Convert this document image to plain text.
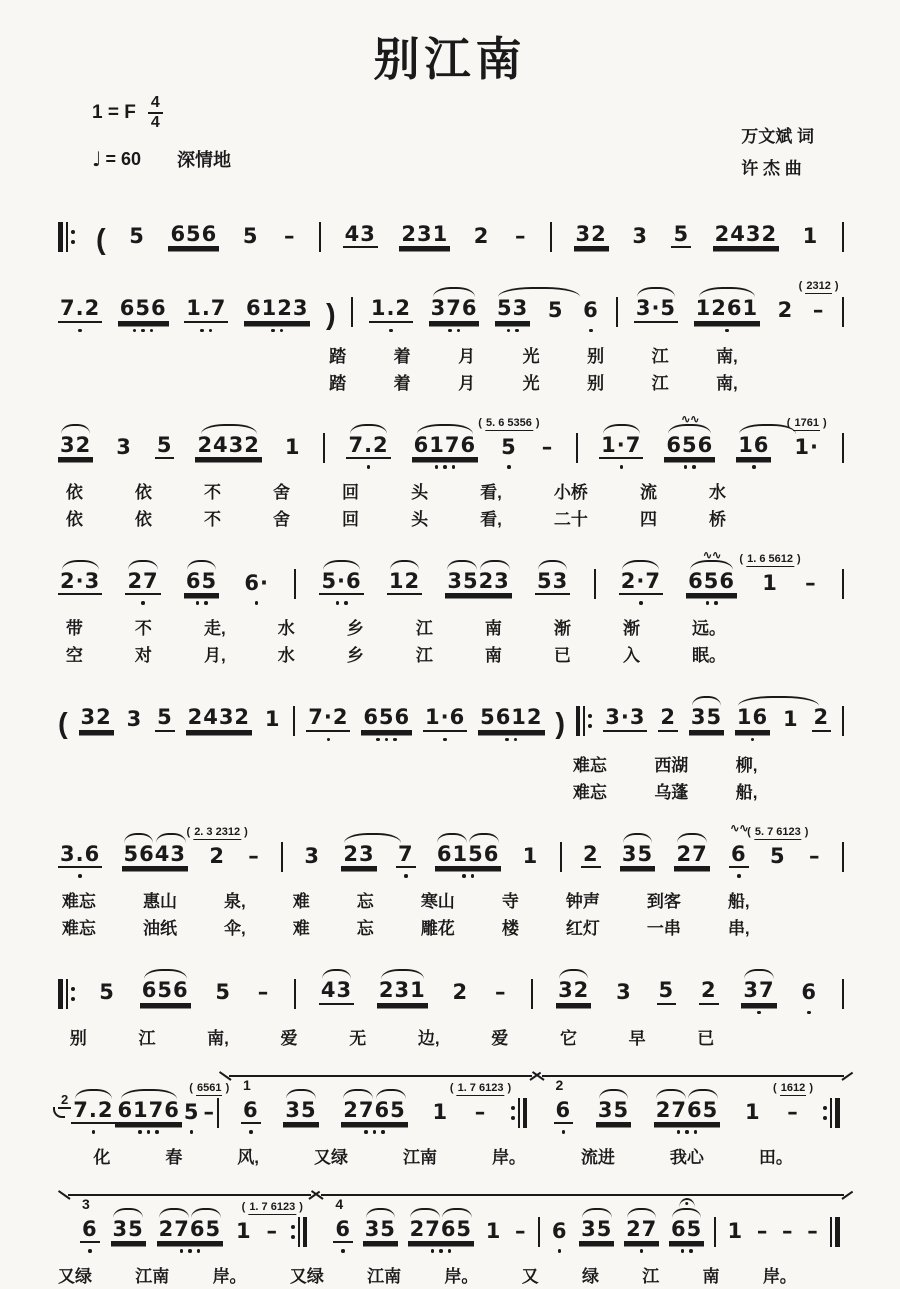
别江南
1 = F $\frac{4}{4}$
♩ = 60 深情地
万文斌 词
许 杰 曲
( 5 656 5 – 43 231 2 – 32 3 5 2432 1
7.2 656 1.7 6123 ) 1.2 376 53 5 6 3·5 1261 2
( 2312 )
–
踏	着	月	光	别	江	南,
踏	着	月	光	别	江	南,
32 3 5 2432 1 7.2 6176
( 5. 6 5356 )
5 – 1·7
∿∿
656 16
( 1761 )
1·
依	依	不	舍	回	头	看,	小桥	流	水
依	依	不	舍	回	头	看,	二十	四	桥
2·3 27 65 6· 5·6 12 3523 53 2·7
∿∿
656
( 1. 6 5612 )
1 –
带	不	走,	水	乡	江	南	渐	渐	远。
空	对	月,	水	乡	江	南	已	入	眠。
( 32 3 5 2432 1 7·2 656 1·6 5612 ) 3·3 2 35 16 1 2
难忘	西湖	柳,
难忘	乌蓬	船,
3.6 5643
( 2. 3 2312 )
2 – 3 23 7 6156 1 2 35 27
∿∿
6
( 5. 7 6123 )
5 –
难忘	惠山	泉,	难	忘	寒山	寺	钟声	到客	船,
难忘	油纸	伞,	难	忘	雕花	楼	红灯	一串	串,
5 656 5 – 43 231 2 – 32 3 5 2 37 6
别	江	南,	爱	无	边,	爱	它	早	已
2 7.2 6176 5
( 6561 )
–
1
6 35 2765 1
( 1. 7 6123 )
–
2
6 35 2765 1
( 1612 )
–
化	春	风,	又绿	江南	岸。	流进	我心	田。
3
6 35 2765 1
( 1. 7 6123 )
–
4
6 35 2765 1 – 6 35 27 65 1 – – –
又绿	江南	岸。	又绿	江南	岸。	又	绿	江	南	岸。
